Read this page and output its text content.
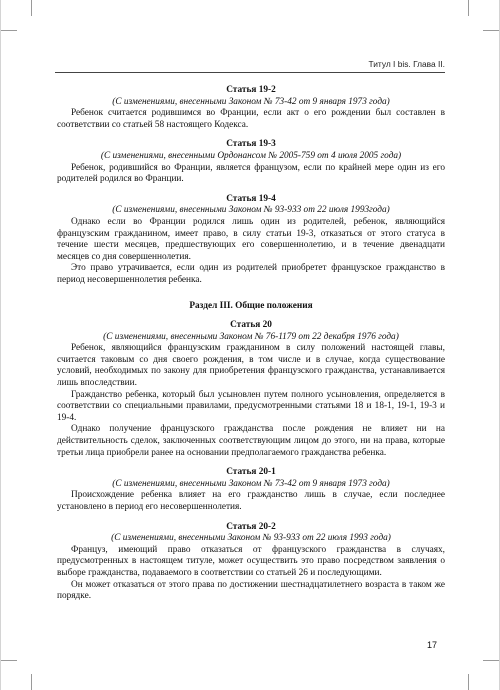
Титул I bis. Глава II.

Статья 19-2

(С изменениями, внесенными Законом № 73-42 от 9 января 1973 года)

Ребенок считается родившимся во Франции, если акт о его рождении был составлен в соответствии со статьей 58 настоящего Кодекса.

Статья 19-3

(С изменениями, внесенными Ордонансом № 2005-759 от 4 июля 2005 года)

Ребенок, родившийся во Франции, является французом, если по крайней мере один из его родителей родился во Франции.

Статья 19-4

(С изменениями, внесенными Законом № 93-933 от 22 июля 1993года)

Однако если во Франции родился лишь один из родителей, ребенок, являющийся французским гражданином, имеет право, в силу статьи 19-3, отказаться от этого статуса в течение шести месяцев, предшествующих его совершеннолетию, и в течение двенадцати месяцев со дня совершеннолетия.

Это право утрачивается, если один из родителей приобретет французское гражданство в период несовершеннолетия ребенка.

Раздел III. Общие положения

Статья 20

(С изменениями, внесенными Законом № 76-1179 от 22 декабря 1976 года)

Ребенок, являющийся французским гражданином в силу положений настоящей главы, считается таковым со дня своего рождения, в том числе и в случае, когда существование условий, необходимых по закону для приобретения французского гражданства, устанавливается лишь впоследствии.

Гражданство ребенка, который был усыновлен путем полного усыновления, определяется в соответствии со специальными правилами, предусмотренными статьями 18 и 18-1, 19-1, 19-3 и 19-4.

Однако получение французского гражданства после рождения не влияет ни на действительность сделок, заключенных соответствующим лицом до этого, ни на права, которые третьи лица приобрели ранее на основании предполагаемого гражданства ребенка.

Статья 20-1

(С изменениями, внесенными Законом № 73-42 от 9 января 1973 года)

Происхождение ребенка влияет на его гражданство лишь в случае, если последнее установлено в период его несовершеннолетия.

Статья 20-2

(С изменениями, внесенными Законом № 93-933 от 22 июля 1993 года)

Француз, имеющий право отказаться от французского гражданства в случаях, предусмотренных в настоящем титуле, может осуществить это право посредством заявления о выборе гражданства, подаваемого в соответствии со статьей 26 и последующими.

Он может отказаться от этого права по достижении шестнадцатилетнего возраста в таком же порядке.

17
